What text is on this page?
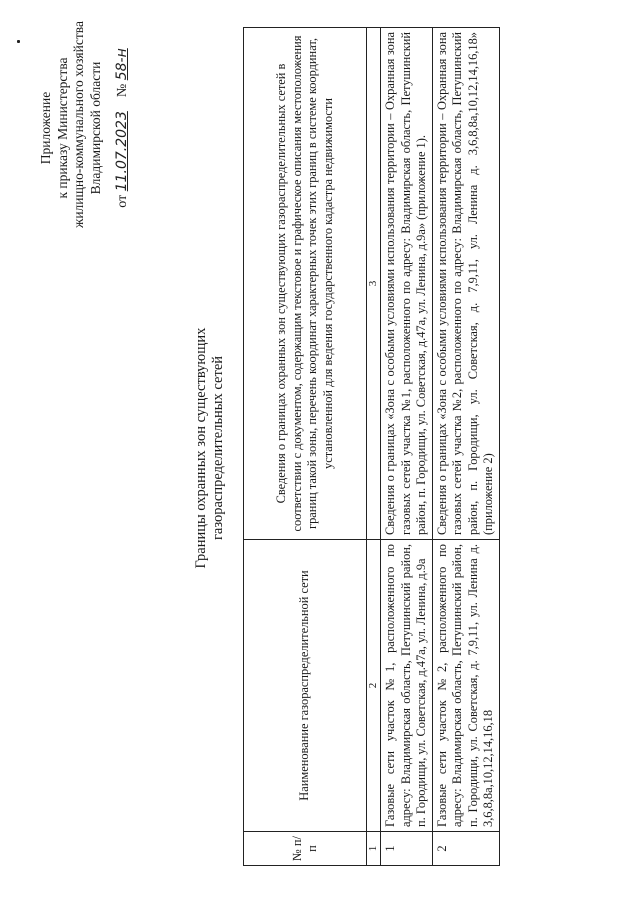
Приложение к приказу Министерства жилищно-коммунального хозяйства Владимирской области
от 11.07.2023    № 58-н
Границы охранных зон существующих газораспределительных сетей
№ п/п	Наименование газораспределительной сети	Сведения о границах охранных зон существующих газораспределительных сетей в соответствии с документом, содержащим текстовое и графическое описания местоположения границ такой зоны, перечень координат характерных точек этих границ в системе координат, установленной для ведения государственного кадастра недвижимости
1	2	3
1	Газовые сети участок №1, расположенного по адресу: Владимирская область, Петушинский район, п. Городищи, ул. Советская, д.47а, ул. Ленина, д.9а	Сведения о границах «Зона с особыми условиями использования территории – Охранная зона газовых сетей участка №1, расположенного по адресу: Владимирская область, Петушинский район, п. Городищи, ул. Советская, д.47а, ул. Ленина, д.9а» (приложение 1).
2	Газовые сети участок №2, расположенного по адресу: Владимирская область, Петушинский район, п. Городищи, ул. Советская, д. 7,9,11, ул. Ленина д. 3,6,8,8а,10,12,14,16,18	Сведения о границах «Зона с особыми условиями использования территории – Охранная зона газовых сетей участка №2, расположенного по адресу: Владимирская область, Петушинский район, п. Городищи, ул. Советская, д. 7,9,11, ул. Ленина д. 3,6,8,8а,10,12,14,16,18» (приложение 2)
